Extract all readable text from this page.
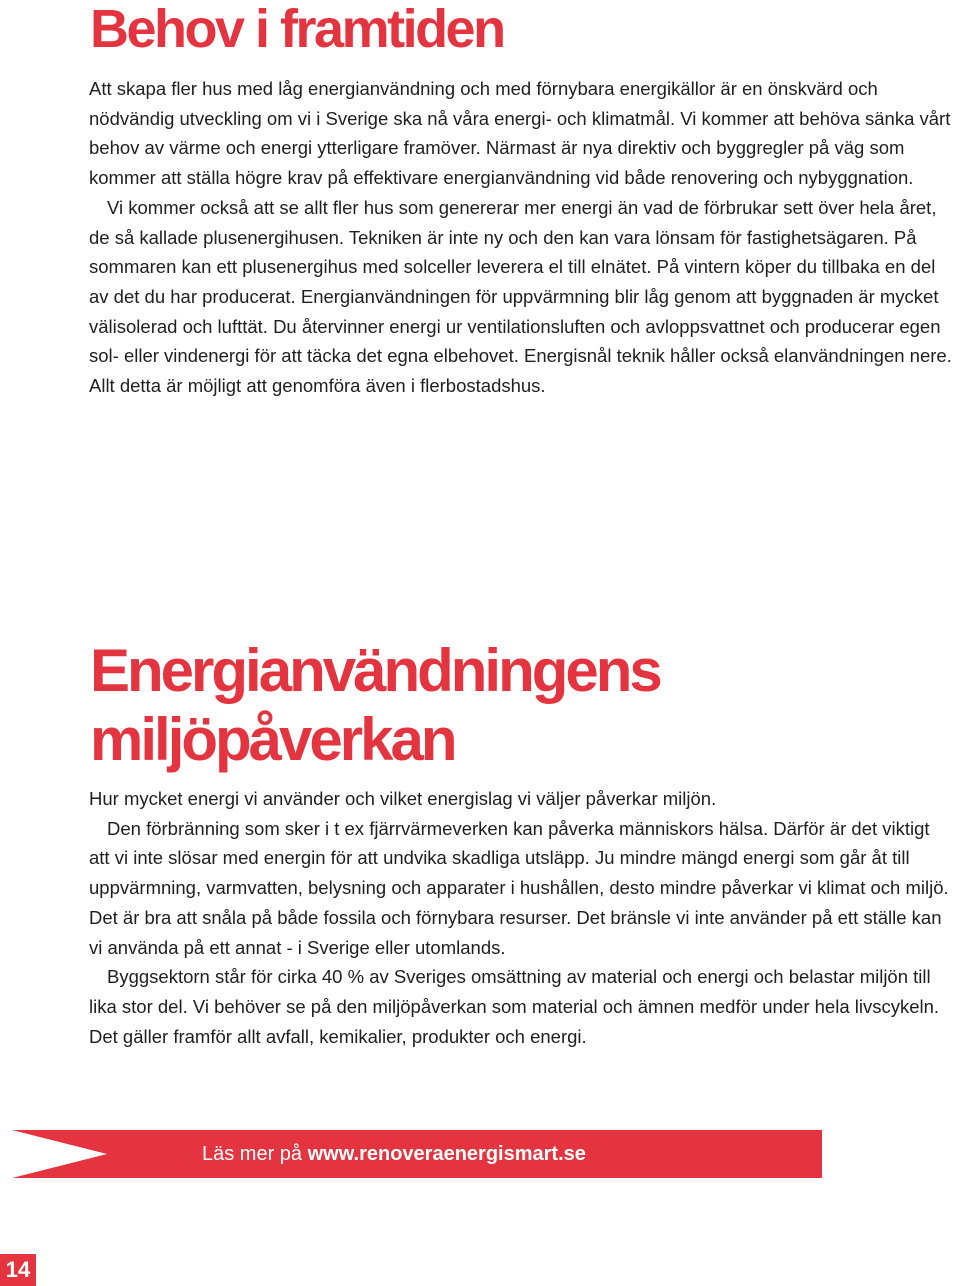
Behov i framtiden

Att skapa fler hus med låg energianvändning och med förnybara energikällor är en önskvärd och nödvändig utveckling om vi i Sverige ska nå våra energi- och klimatmål. Vi kommer att behöva sänka vårt behov av värme och energi ytterligare framöver. Närmast är nya direktiv och byggregler på väg som kommer att ställa högre krav på effektivare energianvändning vid både renovering och nybyggnation.

Vi kommer också att se allt fler hus som genererar mer energi än vad de förbrukar sett över hela året, de så kallade plusenergihusen. Tekniken är inte ny och den kan vara lönsam för fastighetsägaren. På sommaren kan ett plusenergihus med solceller leverera el till elnätet. På vintern köper du tillbaka en del av det du har producerat. Energianvändningen för uppvärmning blir låg genom att byggnaden är mycket välisolerad och lufttät. Du återvinner energi ur ventilationsluften och avloppsvattnet och producerar egen sol- eller vindenergi för att täcka det egna elbehovet. Energisnål teknik håller också elanvändningen nere. Allt detta är möjligt att genomföra även i flerbostadshus.

Energianvändningens
miljöpåverkan

Hur mycket energi vi använder och vilket energislag vi väljer påverkar miljön.

Den förbränning som sker i t ex fjärrvärmeverken kan påverka människors hälsa. Därför är det viktigt att vi inte slösar med energin för att undvika skadliga utsläpp. Ju mindre mängd energi som går åt till uppvärmning, varmvatten, belysning och apparater i hushållen, desto mindre påverkar vi klimat och miljö. Det är bra att snåla på både fossila och förnybara resurser. Det bränsle vi inte använder på ett ställe kan vi använda på ett annat - i Sverige eller utomlands.

Byggsektorn står för cirka 40 % av Sveriges omsättning av material och energi och belastar miljön till lika stor del. Vi behöver se på den miljöpåverkan som material och ämnen medför under hela livscykeln. Det gäller framför allt avfall, kemikalier, produkter och energi.

Läs mer på www.renoveraenergismart.se
14
